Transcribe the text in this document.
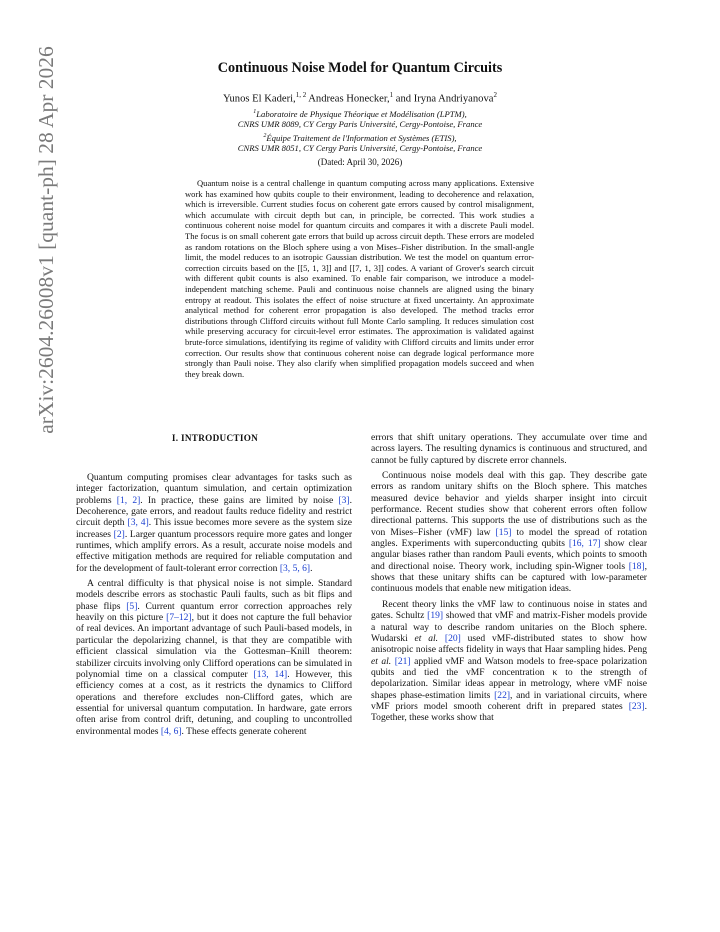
arXiv:2604.26008v1 [quant-ph] 28 Apr 2026	Continuous Noise Model for Quantum Circuits
Yunos El Kaderi,$^{1, 2}$ Andreas Honecker,$^1$ and Iryna Andriyanova$^2$
$^1$Laboratoire de Physique Théorique et Modélisation (LPTM),
CNRS UMR 8089, CY Cergy Paris Université, Cergy-Pontoise, France
$^2$Équipe Traitement de l'Information et Systèmes (ETIS),
CNRS UMR 8051, CY Cergy Paris Université, Cergy-Pontoise, France
(Dated: April 30, 2026)
Quantum noise is a central challenge in quantum computing across many applications. Extensive work has examined how qubits couple to their environment, leading to decoherence and relaxation, which is irreversible. Current studies focus on coherent gate errors caused by control misalignment, which accumulate with circuit depth but can, in principle, be corrected. This work studies a continuous coherent noise model for quantum circuits and compares it with a discrete Pauli model. The focus is on small coherent gate errors that build up across circuit depth. These errors are modeled as random rotations on the Bloch sphere using a von Mises–Fisher distribution. In the small-angle limit, the model reduces to an isotropic Gaussian distribution. We test the model on quantum error-correction circuits based on the [[5, 1, 3]] and [[7, 1, 3]] codes. A variant of Grover's search circuit with different qubit counts is also examined. To enable fair comparison, we introduce a model-independent matching scheme. Pauli and continuous noise channels are aligned using the binary entropy at readout. This isolates the effect of noise structure at fixed uncertainty. An approximate analytical method for coherent error propagation is also developed. The method tracks error distributions through Clifford circuits without full Monte Carlo sampling. It reduces simulation cost while preserving accuracy for circuit-level error estimates. The approximation is validated against brute-force simulations, identifying its regime of validity with Clifford circuits and limits under error correction. Our results show that continuous coherent noise can degrade logical performance more strongly than Pauli noise. They also clarify when simplified propagation models succeed and when they break down.
I. INTRODUCTION

Quantum computing promises clear advantages for tasks such as integer factorization, quantum simulation, and certain optimization problems [1, 2]. In practice, these gains are limited by noise [3]. Decoherence, gate errors, and readout faults reduce fidelity and restrict circuit depth [3, 4]. This issue becomes more severe as the system size increases [2]. Larger quantum processors require more gates and longer runtimes, which amplify errors. As a result, accurate noise models and effective mitigation methods are required for reliable computation and for the development of fault-tolerant error correction [3, 5, 6].

A central difficulty is that physical noise is not simple. Standard models describe errors as stochastic Pauli faults, such as bit flips and phase flips [5]. Current quantum error correction approaches rely heavily on this picture [7–12], but it does not capture the full behavior of real devices. An important advantage of such Pauli-based models, in particular the depolarizing channel, is that they are compatible with efficient classical simulation via the Gottesman–Knill theorem: stabilizer circuits involving only Clifford operations can be simulated in polynomial time on a classical computer [13, 14]. However, this efficiency comes at a cost, as it restricts the dynamics to Clifford operations and therefore excludes non-Clifford gates, which are essential for universal quantum computation. In hardware, gate errors often arise from control drift, detuning, and coupling to uncontrolled environmental modes [4, 6]. These effects generate coherent

errors that shift unitary operations. They accumulate over time and across layers. The resulting dynamics is continuous and structured, and cannot be fully captured by discrete error channels.

Continuous noise models deal with this gap. They describe gate errors as random unitary shifts on the Bloch sphere. This matches measured device behavior and yields sharper insight into circuit performance. Recent studies show that coherent errors often follow directional patterns. This supports the use of distributions such as the von Mises–Fisher (vMF) law [15] to model the spread of rotation angles. Experiments with superconducting qubits [16, 17] show clear angular biases rather than random Pauli events, which points to smooth and directional noise. Theory work, including spin-Wigner tools [18], shows that these unitary shifts can be captured with low-parameter continuous models that enable new mitigation ideas.

Recent theory links the vMF law to continuous noise in states and gates. Schultz [19] showed that vMF and matrix-Fisher models provide a natural way to describe random unitaries on the Bloch sphere. Wudarski et al. [20] used vMF-distributed states to show how anisotropic noise affects fidelity in ways that Haar sampling hides. Peng et al. [21] applied vMF and Watson models to free-space polarization qubits and tied the vMF concentration κ to the strength of depolarization. Similar ideas appear in metrology, where vMF noise shapes phase-estimation limits [22], and in variational circuits, where vMF priors model smooth coherent drift in prepared states [23]. Together, these works show that
